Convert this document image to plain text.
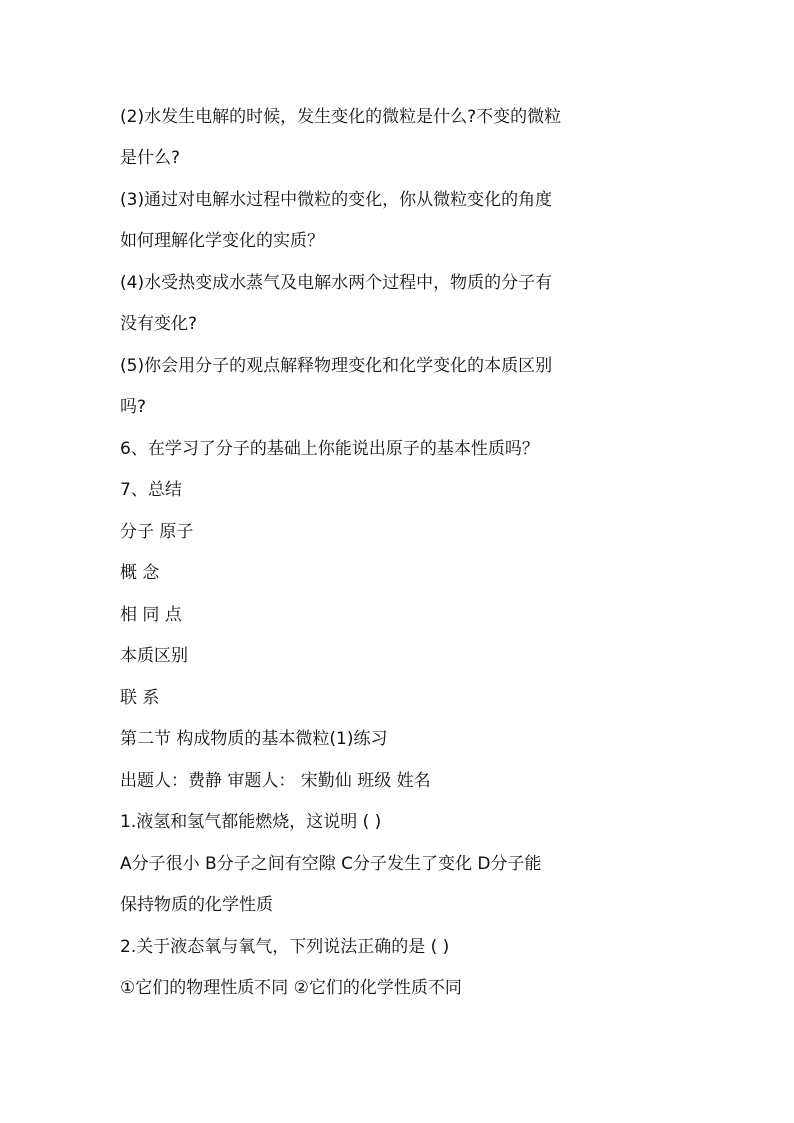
(2)水发生电解的时候，发生变化的微粒是什么?不变的微粒

是什么?

(3)通过对电解水过程中微粒的变化，你从微粒变化的角度

如何理解化学变化的实质？

(4)水受热变成水蒸气及电解水两个过程中，物质的分子有

没有变化?

(5)你会用分子的观点解释物理变化和化学变化的本质区别

吗?

6、在学习了分子的基础上你能说出原子的基本性质吗？

7、总结

分子 原子

概 念

相 同 点

本质区别

联 系

第二节 构成物质的基本微粒(1)练习

出题人：费静 审题人： 宋勤仙 班级 姓名

1.液氢和氢气都能燃烧，这说明 ( )

A分子很小 B分子之间有空隙 C分子发生了变化 D分子能

保持物质的化学性质

2.关于液态氧与氧气，下列说法正确的是 ( )

①它们的物理性质不同 ②它们的化学性质不同
